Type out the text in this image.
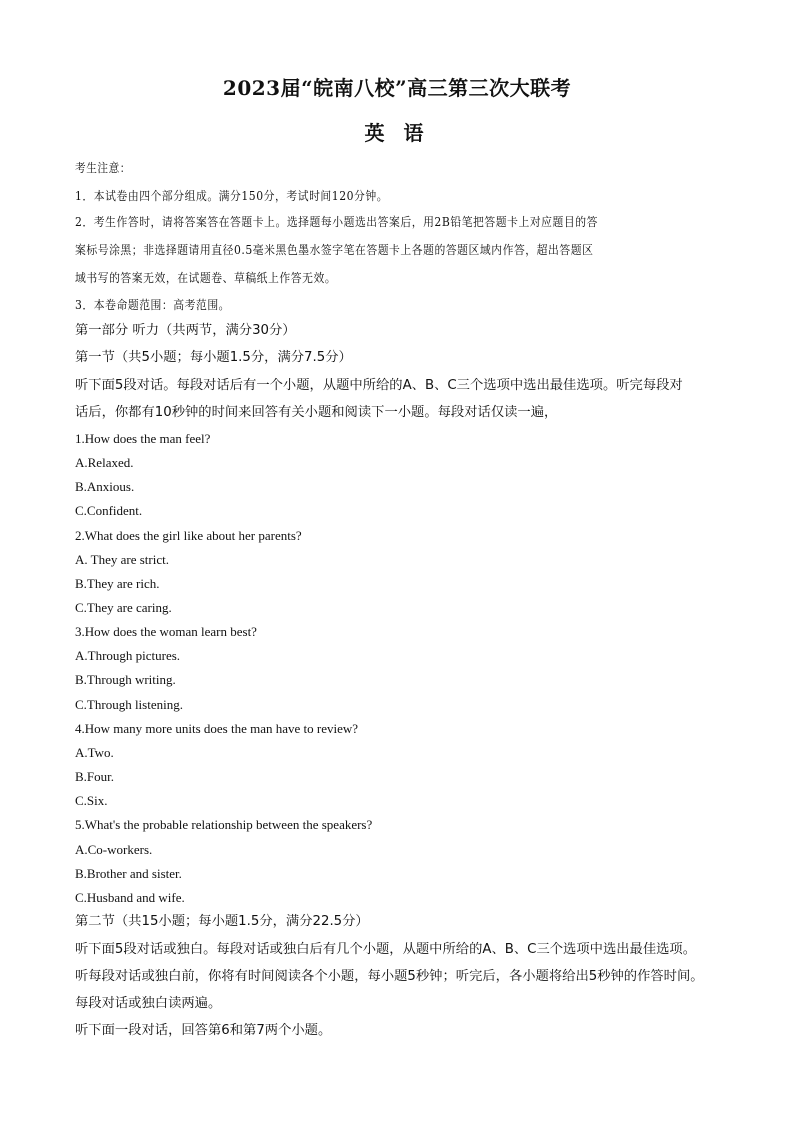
2023届“皖南八校”高三第三次大联考
英 语
考生注意：
1．本试卷由四个部分组成。满分150分，考试时间120分钟。
2．考生作答时，请将答案答在答题卡上。选择题每小题选出答案后，用2B铅笔把答题卡上对应题目的答
案标号涂黑；非选择题请用直径0.5毫米黑色墨水签字笔在答题卡上各题的答题区域内作答，超出答题区
域书写的答案无效，在试题卷、草稿纸上作答无效。
3．本卷命题范围：高考范围。
第一部分 听力（共两节，满分30分）
第一节（共5小题；每小题1.5分，满分7.5分）
听下面5段对话。每段对话后有一个小题，从题中所给的A、B、C三个选项中选出最佳选项。听完每段对
话后，你都有10秒钟的时间来回答有关小题和阅读下一小题。每段对话仅读一遍，
1.How does the man feel?
A.Relaxed.
B.Anxious.
C.Confident.
2.What does the girl like about her parents?
A. They are strict.
B.They are rich.
C.They are caring.
3.How does the woman learn best?
A.Through pictures.
B.Through writing.
C.Through listening.
4.How many more units does the man have to review?
A.Two.
B.Four.
C.Six.
5.What's the probable relationship between the speakers?
A.Co-workers.
B.Brother and sister.
C.Husband and wife.
第二节（共15小题；每小题1.5分，满分22.5分）
听下面5段对话或独白。每段对话或独白后有几个小题，从题中所给的A、B、C三个选项中选出最佳选项。
听每段对话或独白前，你将有时间阅读各个小题，每小题5秒钟；听完后，各小题将给出5秒钟的作答时间。
每段对话或独白读两遍。
听下面一段对话，回答第6和第7两个小题。
